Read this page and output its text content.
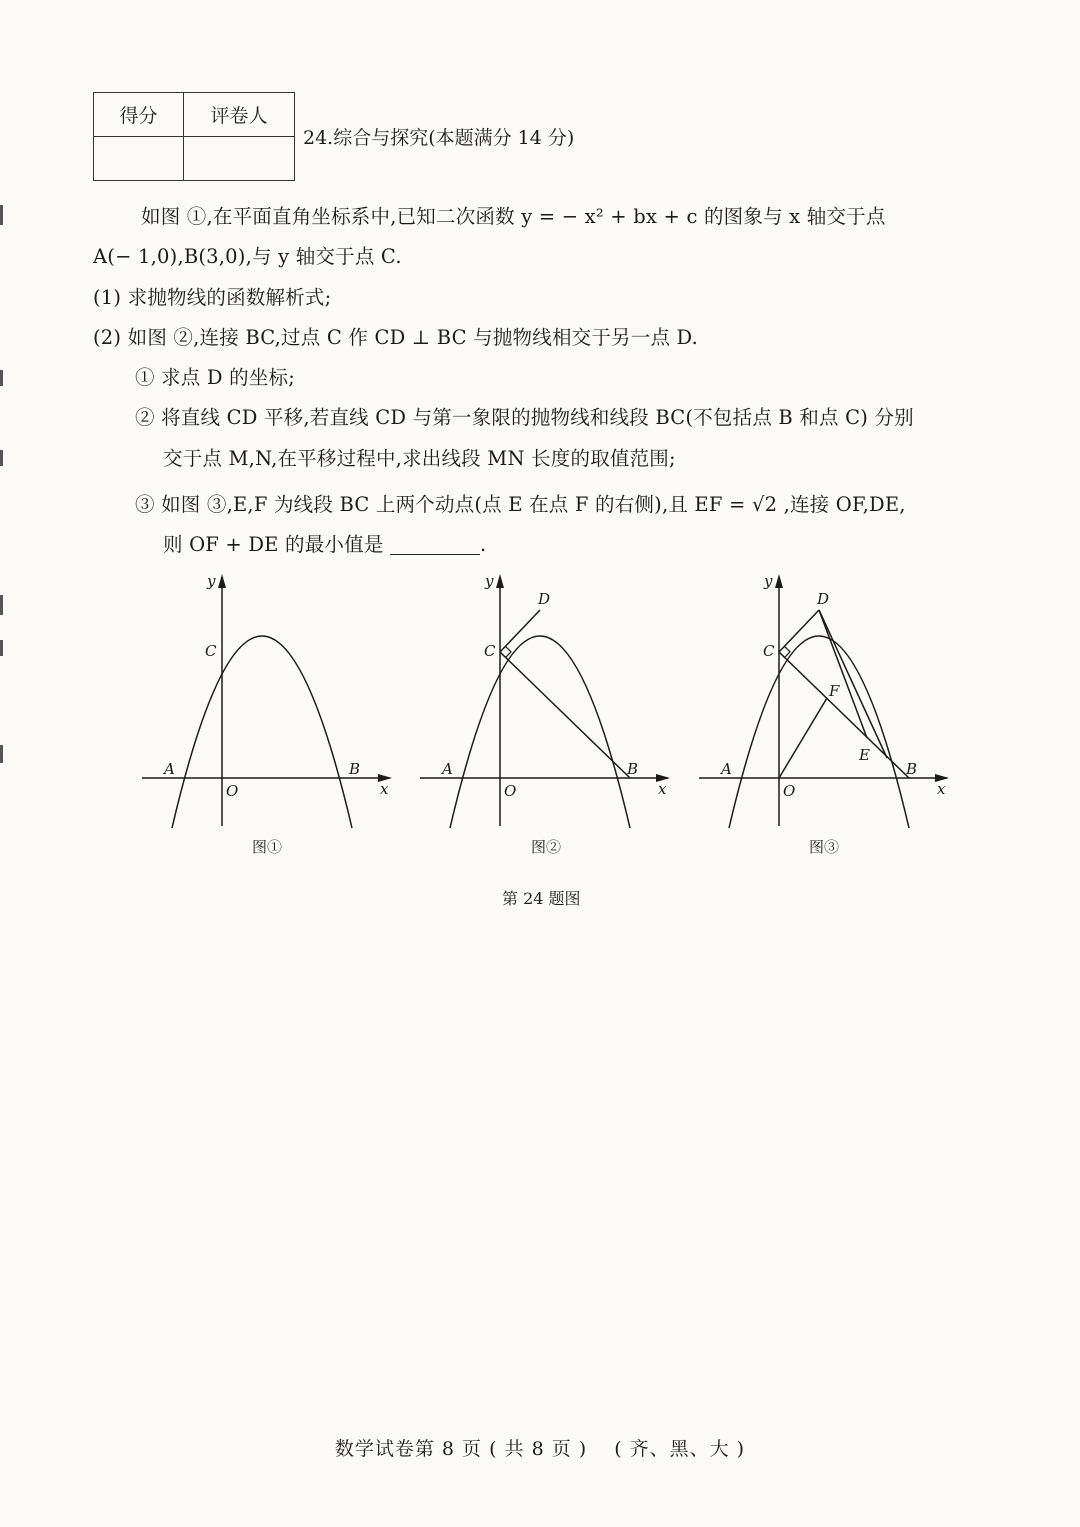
得分	评卷人
24.综合与探究(本题满分 14 分)
如图 ①,在平面直角坐标系中,已知二次函数 y = − x² + bx + c 的图象与 x 轴交于点
A(− 1,0),B(3,0),与 y 轴交于点 C.
(1) 求抛物线的函数解析式;
(2) 如图 ②,连接 BC,过点 C 作 CD ⊥ BC 与抛物线相交于另一点 D.
① 求点 D 的坐标;
② 将直线 CD 平移,若直线 CD 与第一象限的抛物线和线段 BC(不包括点 B 和点 C) 分别
交于点 M,N,在平移过程中,求出线段 MN 长度的取值范围;
③ 如图 ③,E,F 为线段 BC 上两个动点(点 E 在点 F 的右侧),且 EF = √2 ,连接 OF,DE,
则 OF + DE 的最小值是	.
y
x
O
C
A	B
y
x
O
C
D
A	B
y
x
O
C
D
F
E
A	B
图①	图②	图③
第 24 题图
数学试卷第 8 页 ( 共 8 页 )　 ( 齐、黑、大 )
